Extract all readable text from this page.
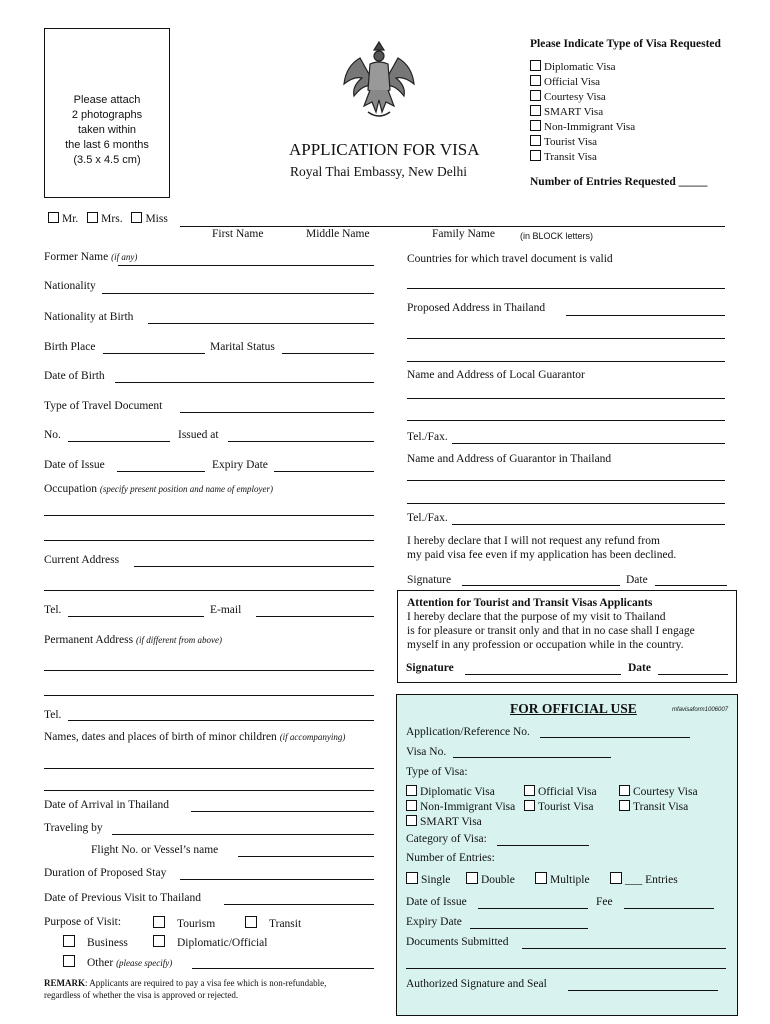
Please attach
2 photographs
taken within
the last 6 months
(3.5 x 4.5 cm)
APPLICATION FOR VISA
Royal Thai Embassy, New Delhi
Please Indicate Type of Visa Requested
Diplomatic Visa
Official Visa
Courtesy Visa
SMART Visa
Non-Immigrant Visa
Tourist Visa
Transit Visa
Number of Entries Requested _____
Mr. Mrs. Miss
First Name	Middle Name	Family Name	(in BLOCK letters)
Former Name (if any)
Nationality
Nationality at Birth
Birth Place	Marital Status
Date of Birth
Type of Travel Document
No.	Issued at
Date of Issue	Expiry Date
Occupation (specify present position and name of employer)
Current Address
Tel.	E-mail
Permanent Address (if different from above)
Tel.
Names, dates and places of birth of minor children (if accompanying)
Date of Arrival in Thailand
Traveling by
Flight No. or Vessel’s name
Duration of Proposed Stay
Date of Previous Visit to Thailand
Purpose of Visit:	Tourism	Transit
Business	Diplomatic/Official
Other (please specify)
REMARK: Applicants are required to pay a visa fee which is non-refundable,
regardless of whether the visa is approved or rejected.
Countries for which travel document is valid
Proposed Address in Thailand
Name and Address of Local Guarantor
Tel./Fax.
Name and Address of Guarantor in Thailand
Tel./Fax.
I hereby declare that I will not request any refund from
my paid visa fee even if my application has been declined.
Signature	Date
Attention for Tourist and Transit Visas Applicants
I hereby declare that the purpose of my visit to Thailand
is for pleasure or transit only and that in no case shall I engage
myself in any profession or occupation while in the country.
Signature	Date
FOR OFFICIAL USE	mfavisaform1006007
Application/Reference No.
Visa No.
Type of Visa:
Diplomatic Visa	Official Visa	Courtesy Visa
Non-Immigrant Visa	Tourist Visa	Transit Visa
SMART Visa
Category of Visa:
Number of Entries:
Single	Double	Multiple	___ Entries
Date of Issue	Fee
Expiry Date
Documents Submitted
Authorized Signature and Seal
